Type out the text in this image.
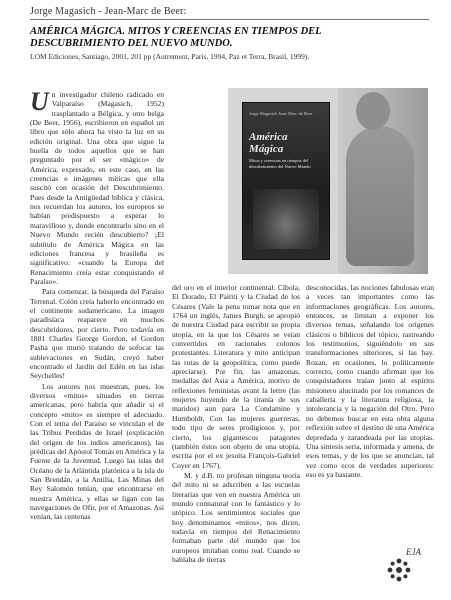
Jorge Magasich - Jean-Marc de Beer:
AMÉRICA MÁGICA. MITOS Y CREENCIAS EN TIEMPOS DEL
DESCUBRIMIENTO DEL NUEVO MUNDO.
LOM Ediciones, Santiago, 2001, 201 pp (Autrement, Paris, 1994, Paz et Terra, Brasil, 1999).
Jorge Magasich Jean-Marc de Beer
América Mágica
Mitos y creencias en tiempos del descubrimiento del Nuevo Mundo

Un investigador chileno radicado en Valparaíso (Magasich, 1952) trasplantado a Bélgica, y otro belga (De Beer, 1956), escribieron en español un libro que sólo ahora ha visto la luz en su edición original. Una obra que sigue la huella de todos aquellos que se han preguntado por el ser «mágico» de América, expresado, en este caso, en las creencias e imágenes míticas que ella suscitó con ocasión del Descubrimiento. Pues desde la Antigüedad bíblica y clásica, nos recuerdan los autores, los europeos se habían predispuesto a esperar lo maravilloso y, donde encontrarlo sino en el Nuevo Mundo recién descubierto? ¡El subtítulo de América Mágica en las ediciones francesa y brasileña es significativo: «cuando la Europa del Renacimiento creía estar conquistando el Paraíso».

Para comenzar, la búsqueda del Paraíso Terrenal. Colón creía haberlo encontrado en el continente sudamericano. La imagen paradisíaca reaparece en muchos descubridores, por cierto. Pero todavía en 1881 Charles George Gordon, el Gordon Pasha que murió tratando de sofocar las sublevaciones en Sudán, creyó haber encontrado el Jardín del Edén en las islas Seychelles!

Los autores nos muestran, pues, los diversos «mitos» situados en tierras americanas, pero habría que añadir si el concepto «mito» es siempre el adecuado. Con el tema del Paraíso se vinculan el de las Tribus Perdidas de Israel (explicación del origen de los indios americanos), las prédicas del Apóstol Tomás en América y la Fuente de la Juventud. Luego las islas del Océano de la Atlántida platónica a la isla de San Brendán, a la Antilia, Las Minas del Rey Salomón tenían, que encontrarse en nuestra América, y ellas se ligan con las navegaciones de Ofir, por el Amazonas. Así venían, las centenas

del oro en el interior continental. Cíbola, El Dorado, El Paititi y la Ciudad de los Césares (Vale la pena tomar nota que en 1764 un inglés, James Burgh, se apropió de nuestra Ciudad para escribir su propia utopía, en la que los Césares se veían convertidos en racionales colonos protestantes. Literatura y mito anticipan las rutas de la geopolítica, como puede apreciarse). Por fin, las amazonas, medallas del Asia a América, motivo de reflexiones feministas avant la lettre (las mujeres huyendo de la tiranía de sus maridos) aun para La Condamine y Humboldt. Con las mujeres guerreras, todo tipo de seres prodigiosos y, por cierto, los gigantescos patagones (también éstos son objeto de una utopía, escrita por el ex jesuita François-Gabriel Coyer en 1767).

M. y d.B. no profesan ninguna teoría del mito ni se adscriben a las escuelas literarias que ven en nuestra América un mundo connatural con lo fantástico y lo utópico. Los sentimientos sociales que hoy denominamos «mitos», nos dicen, todavía en tiempos del Renacimiento formaban parte del mundo que los europeos imitaban como real. Cuando se hablaba de tierras

desconocidas, las nociones fabulosas eran a veces tan importantes como las informaciones geográficas. Los autores, entonces, se limitan a exponer los diversos temas, señalando los orígenes clásicos o bíblicos del tópico, rastreando los testimonios, siguiéndolo en sus transformaciones ulteriores, si las hay. Rozan, en ocasiones, lo políticamente correcto, como cuando afirman que los conquistadores traían junto al espíritu misionero alucinado por los romances de caballería y la literatura religiosa, la intolerancia y la negación del Otro. Pero no debemos buscar en esta obra alguna reflexión sobre el destino de una América depredada y zarandeada por las utopías. Una síntesis seria, informada y amena, de esos temas, y de los que se anuncian, tal vez como ecos de verdades superiores: eso es ya bastante.

EJA
